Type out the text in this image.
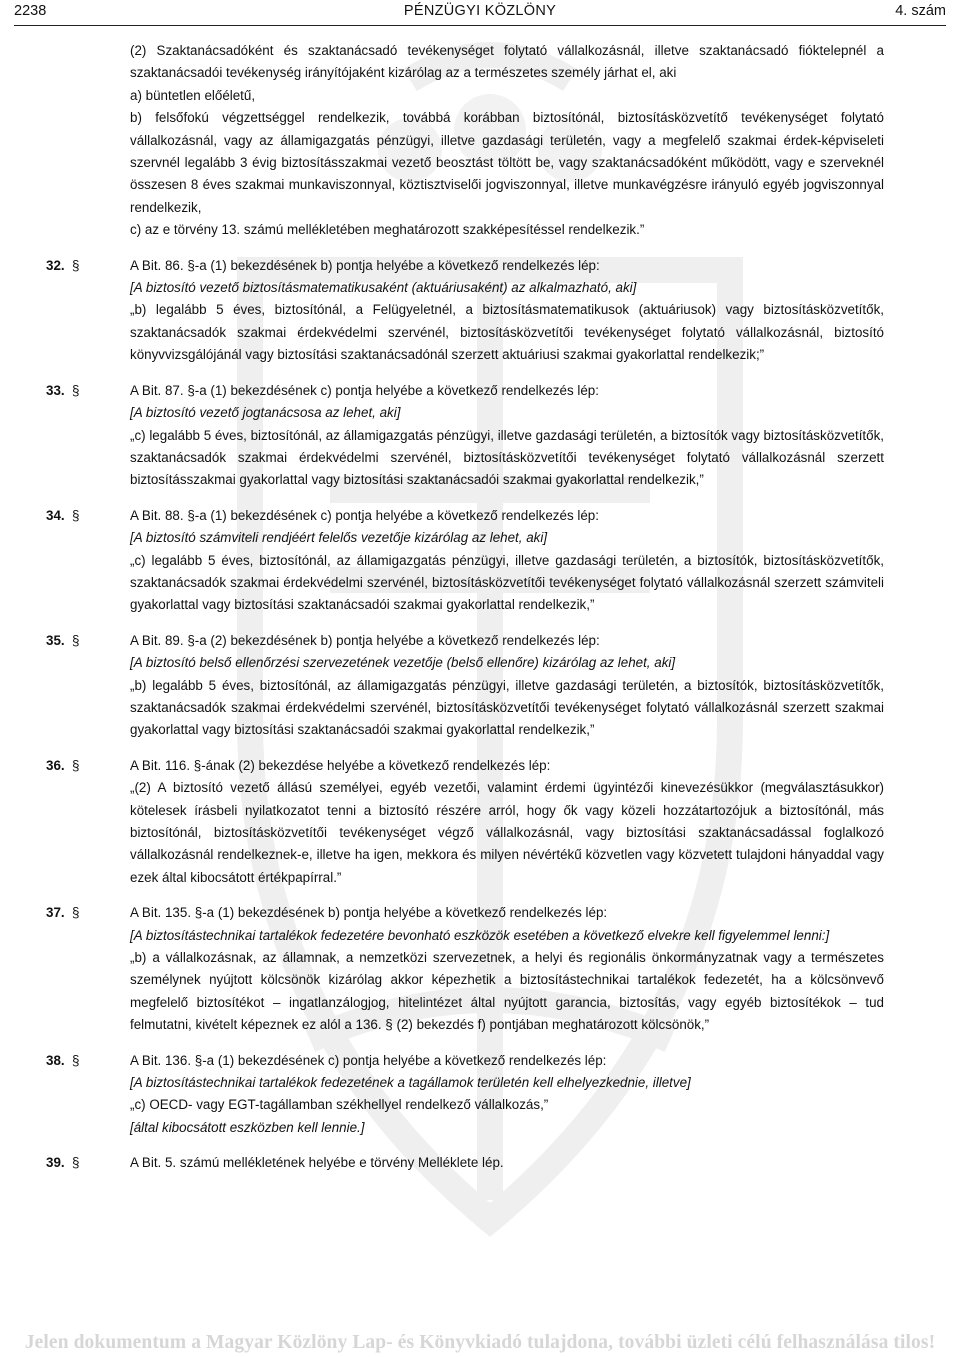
2238	PÉNZÜGYI KÖZLÖNY	4. szám

(2) Szaktanácsadóként és szaktanácsadó tevékenységet folytató vállalkozásnál, illetve szaktanácsadó fióktelepnél a szaktanácsadói tevékenység irányítójaként kizárólag az a természetes személy járhat el, aki

a) büntetlen előéletű,

b) felsőfokú végzettséggel rendelkezik, továbbá korábban biztosítónál, biztosításközvetítő tevékenységet folytató vállalkozásnál, vagy az államigazgatás pénzügyi, illetve gazdasági területén, vagy a megfelelő szakmai érdek-képviseleti szervnél legalább 3 évig biztosításszakmai vezető beosztást töltött be, vagy szaktanácsadóként működött, vagy e szerveknél összesen 8 éves szakmai munkaviszonnyal, köztisztviselői jogviszonnyal, illetve munkavégzésre irányuló egyéb jogviszonnyal rendelkezik,

c) az e törvény 13. számú mellékletében meghatározott szakképesítéssel rendelkezik.”

32. §	A Bit. 86. §-a (1) bekezdésének b) pontja helyébe a következő rendelkezés lép:

[A biztosító vezető biztosításmatematikusaként (aktuáriusaként) az alkalmazható, aki]

„b) legalább 5 éves, biztosítónál, a Felügyeletnél, a biztosításmatematikusok (aktuáriusok) vagy biztosításközvetítők, szaktanácsadók szakmai érdekvédelmi szervénél, biztosításközvetítői tevékenységet folytató vállalkozásnál, biztosító könyvvizsgálójánál vagy biztosítási szaktanácsadónál szerzett aktuáriusi szakmai gyakorlattal rendelkezik;”

33. §	A Bit. 87. §-a (1) bekezdésének c) pontja helyébe a következő rendelkezés lép:

[A biztosító vezető jogtanácsosa az lehet, aki]

„c) legalább 5 éves, biztosítónál, az államigazgatás pénzügyi, illetve gazdasági területén, a biztosítók vagy biztosításközvetítők, szaktanácsadók szakmai érdekvédelmi szervénél, biztosításközvetítői tevékenységet folytató vállalkozásnál szerzett biztosításszakmai gyakorlattal vagy biztosítási szaktanácsadói szakmai gyakorlattal rendelkezik,”

34. §	A Bit. 88. §-a (1) bekezdésének c) pontja helyébe a következő rendelkezés lép:

[A biztosító számviteli rendjéért felelős vezetője kizárólag az lehet, aki]

„c) legalább 5 éves, biztosítónál, az államigazgatás pénzügyi, illetve gazdasági területén, a biztosítók, biztosításközvetítők, szaktanácsadók szakmai érdekvédelmi szervénél, biztosításközvetítői tevékenységet folytató vállalkozásnál szerzett számviteli gyakorlattal vagy biztosítási szaktanácsadói szakmai gyakorlattal rendelkezik,”

35. §	A Bit. 89. §-a (2) bekezdésének b) pontja helyébe a következő rendelkezés lép:

[A biztosító belső ellenőrzési szervezetének vezetője (belső ellenőre) kizárólag az lehet, aki]

„b) legalább 5 éves, biztosítónál, az államigazgatás pénzügyi, illetve gazdasági területén, a biztosítók, biztosításközvetítők, szaktanácsadók szakmai érdekvédelmi szervénél, biztosításközvetítői tevékenységet folytató vállalkozásnál szerzett szakmai gyakorlattal vagy biztosítási szaktanácsadói szakmai gyakorlattal rendelkezik,”

36. §	A Bit. 116. §-ának (2) bekezdése helyébe a következő rendelkezés lép:

„(2) A biztosító vezető állású személyei, egyéb vezetői, valamint érdemi ügyintézői kinevezésükkor (megválasztásukkor) kötelesek írásbeli nyilatkozatot tenni a biztosító részére arról, hogy ők vagy közeli hozzátartozójuk a biztosítónál, más biztosítónál, biztosításközvetítői tevékenységet végző vállalkozásnál, vagy biztosítási szaktanácsadással foglalkozó vállalkozásnál rendelkeznek-e, illetve ha igen, mekkora és milyen névértékű közvetlen vagy közvetett tulajdoni hányaddal vagy ezek által kibocsátott értékpapírral.”

37. §	A Bit. 135. §-a (1) bekezdésének b) pontja helyébe a következő rendelkezés lép:

[A biztosítástechnikai tartalékok fedezetére bevonható eszközök esetében a következő elvekre kell figyelemmel lenni:]

„b) a vállalkozásnak, az államnak, a nemzetközi szervezetnek, a helyi és regionális önkormányzatnak vagy a természetes személynek nyújtott kölcsönök kizárólag akkor képezhetik a biztosítástechnikai tartalékok fedezetét, ha a kölcsönvevő megfelelő biztosítékot – ingatlanzálogjog, hitelintézet által nyújtott garancia, biztosítás, vagy egyéb biztosítékok – tud felmutatni, kivételt képeznek ez alól a 136. § (2) bekezdés f) pontjában meghatározott kölcsönök,”

38. §	A Bit. 136. §-a (1) bekezdésének c) pontja helyébe a következő rendelkezés lép:

[A biztosítástechnikai tartalékok fedezetének a tagállamok területén kell elhelyezkednie, illetve]

„c) OECD- vagy EGT-tagállamban székhellyel rendelkező vállalkozás,”

[által kibocsátott eszközben kell lennie.]

39. §	A Bit. 5. számú mellékletének helyébe e törvény Melléklete lép.

Jelen dokumentum a Magyar Közlöny Lap- és Könyvkiadó tulajdona, további üzleti célú felhasználása tilos!
